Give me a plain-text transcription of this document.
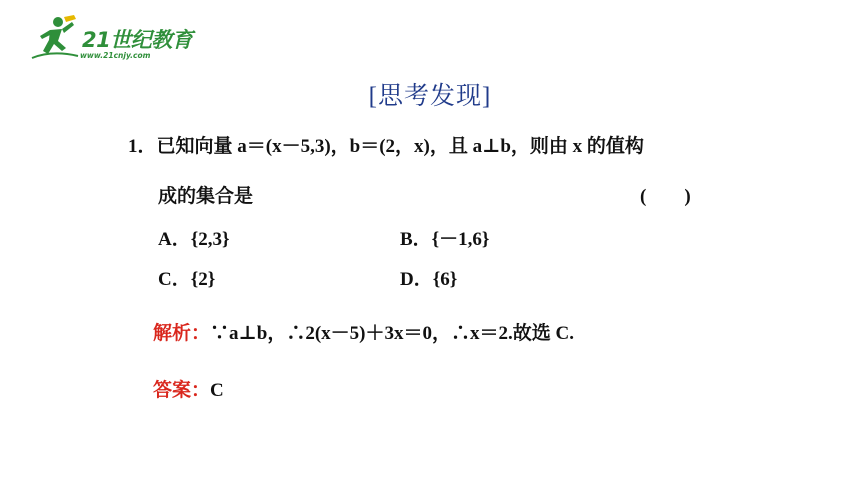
21世纪教育
www.21cnjy.com
[思考发现]
1．已知向量 a＝(x－5,3)，b＝(2，x)，且 a⊥b，则由 x 的值构
成的集合是	(　　)
A．{2,3}	B．{－1,6}
C．{2}	D．{6}
解析：∵a⊥b，∴2(x－5)＋3x＝0，∴x＝2.故选 C.
答案：C
